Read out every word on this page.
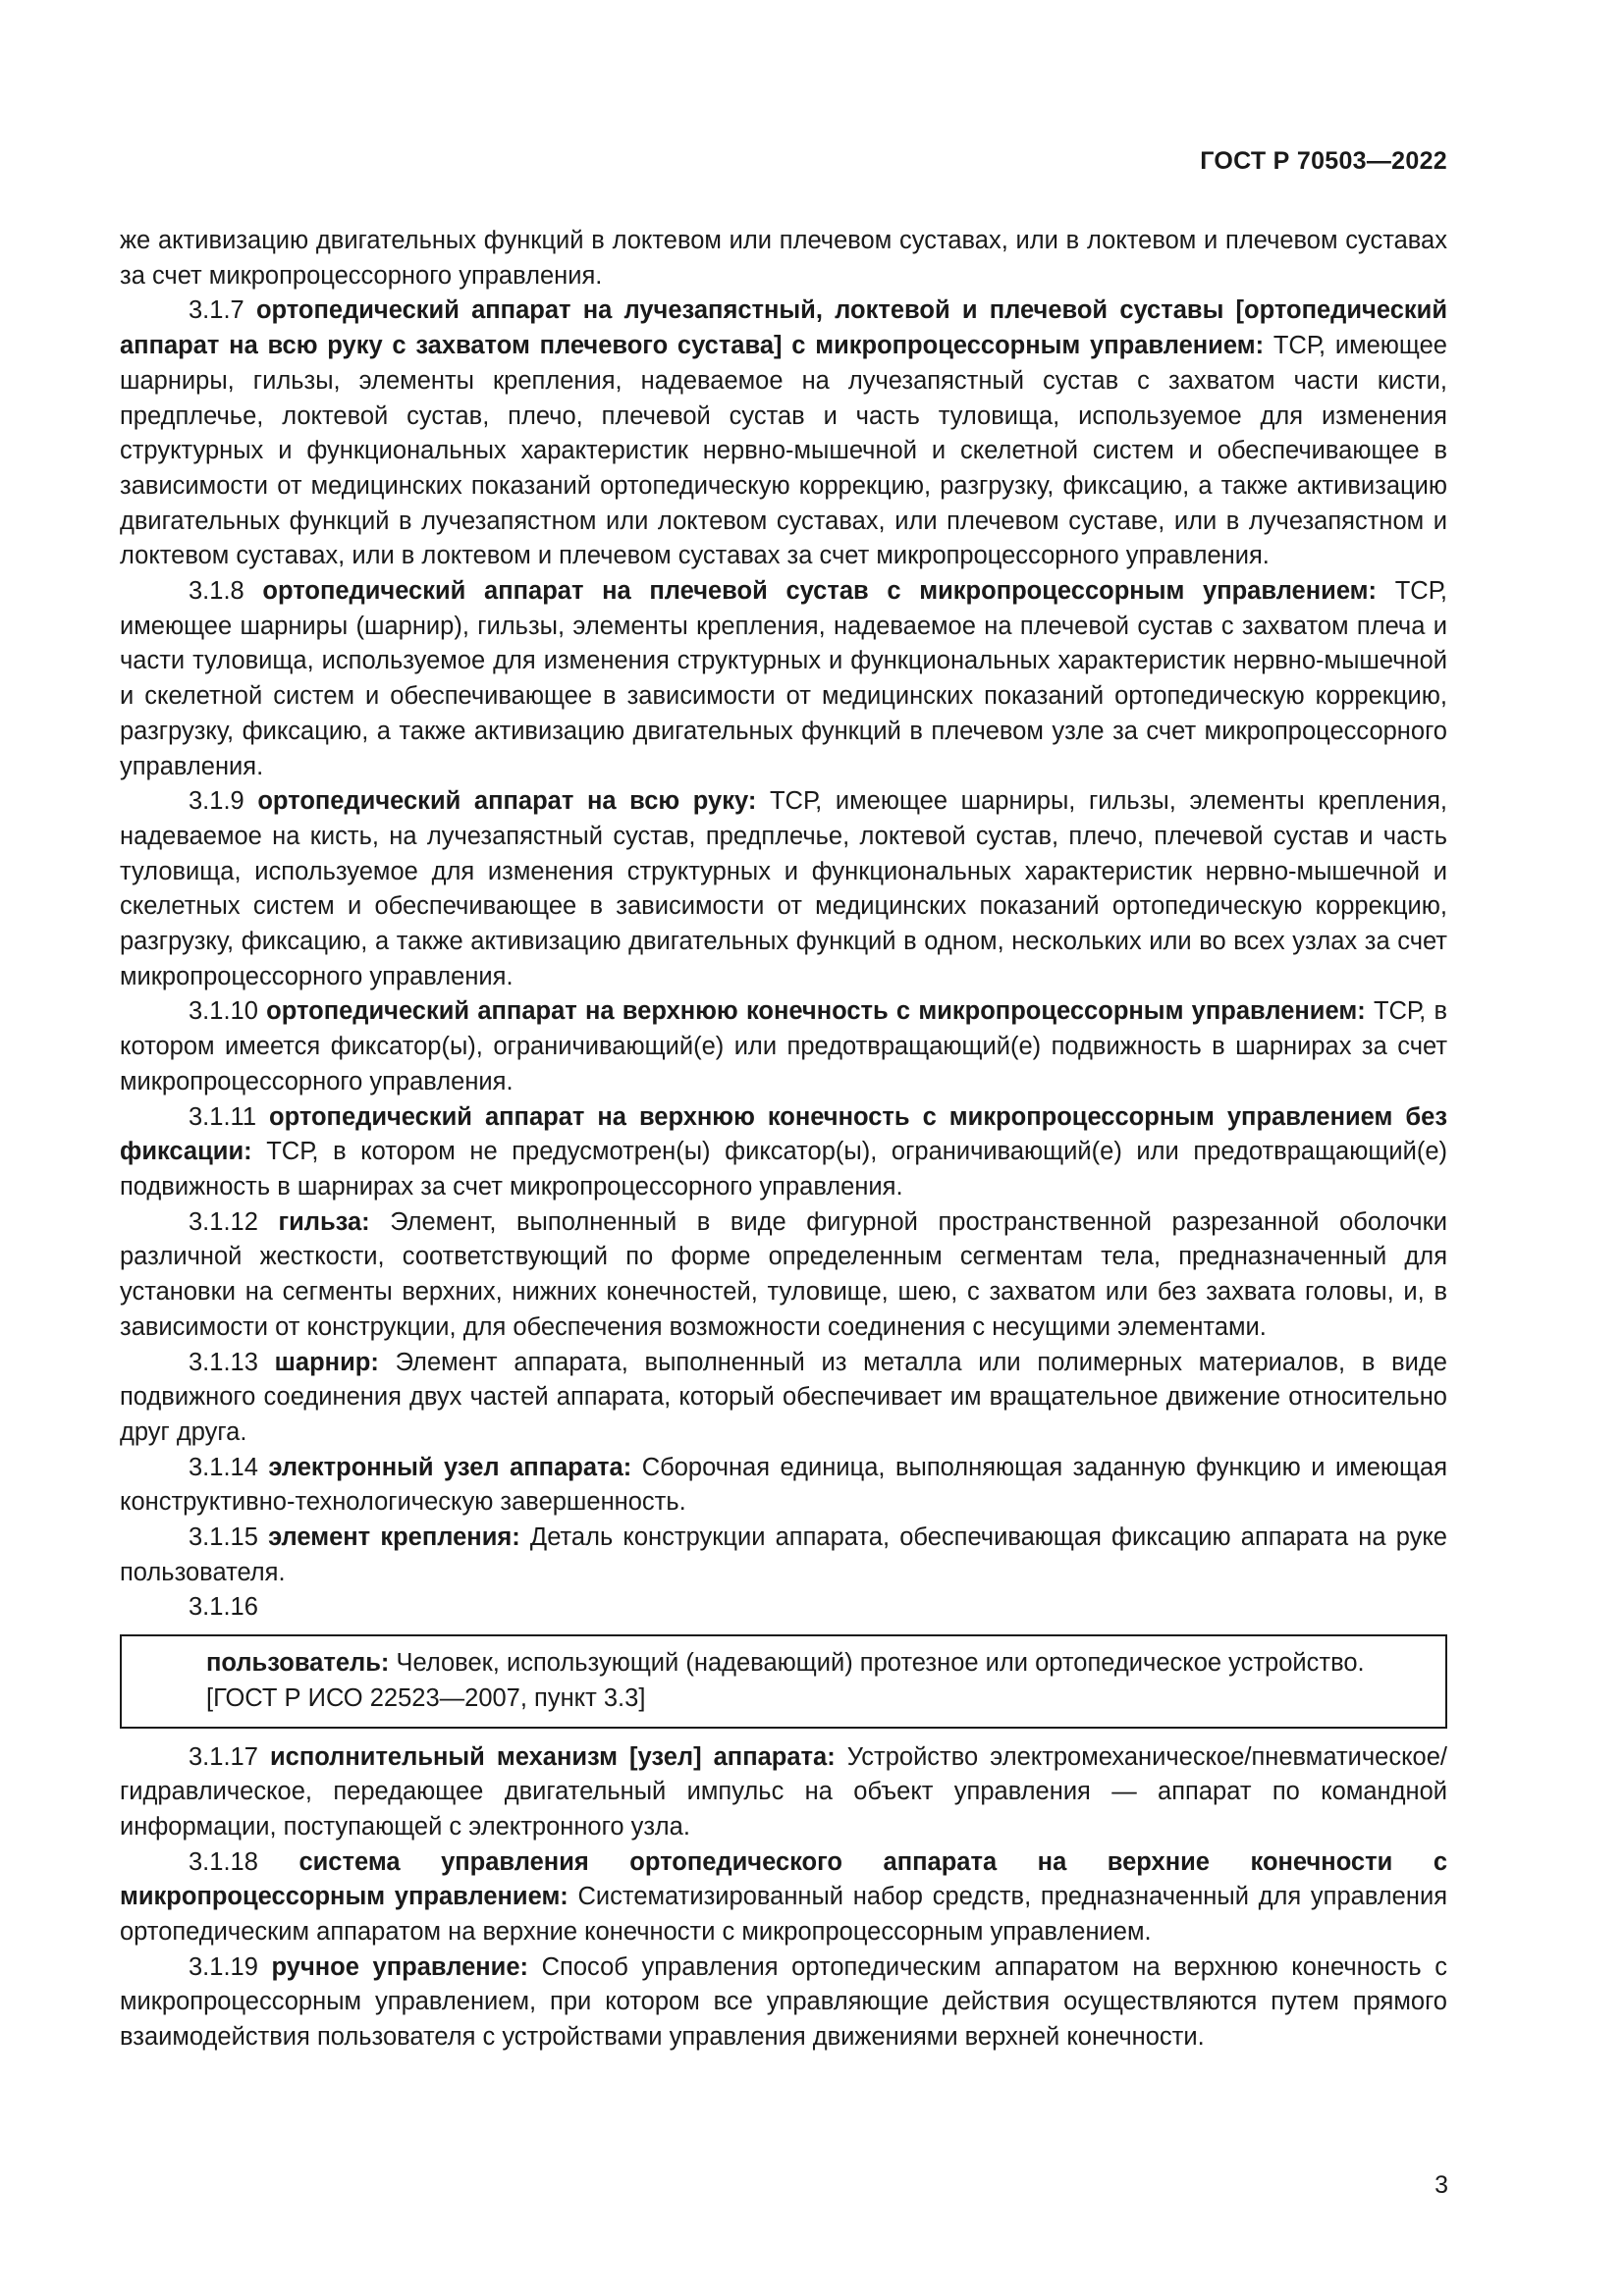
ГОСТ Р 70503—2022

же активизацию двигательных функций в локтевом или плечевом суставах, или в локтевом и плечевом суставах за счет микропроцессорного управления.

3.1.7 ортопедический аппарат на лучезапястный, локтевой и плечевой суставы [ортопедический аппарат на всю руку с захватом плечевого сустава] с микропроцессорным управлением: ТСР, имеющее шарниры, гильзы, элементы крепления, надеваемое на лучезапястный сустав с захватом части кисти, предплечье, локтевой сустав, плечо, плечевой сустав и часть туловища, используемое для изменения структурных и функциональных характеристик нервно-мышечной и скелетной систем и обеспечивающее в зависимости от медицинских показаний ортопедическую коррекцию, разгрузку, фиксацию, а также активизацию двигательных функций в лучезапястном или локтевом суставах, или плечевом суставе, или в лучезапястном и локтевом суставах, или в локтевом и плечевом суставах за счет микропроцессорного управления.

3.1.8 ортопедический аппарат на плечевой сустав с микропроцессорным управлением: ТСР, имеющее шарниры (шарнир), гильзы, элементы крепления, надеваемое на плечевой сустав с захватом плеча и части туловища, используемое для изменения структурных и функциональных характеристик нервно-мышечной и скелетной систем и обеспечивающее в зависимости от медицинских показаний ортопедическую коррекцию, разгрузку, фиксацию, а также активизацию двигательных функций в плечевом узле за счет микропроцессорного управления.

3.1.9 ортопедический аппарат на всю руку: ТСР, имеющее шарниры, гильзы, элементы крепления, надеваемое на кисть, на лучезапястный сустав, предплечье, локтевой сустав, плечо, плечевой сустав и часть туловища, используемое для изменения структурных и функциональных характеристик нервно-мышечной и скелетных систем и обеспечивающее в зависимости от медицинских показаний ортопедическую коррекцию, разгрузку, фиксацию, а также активизацию двигательных функций в одном, нескольких или во всех узлах за счет микропроцессорного управления.

3.1.10 ортопедический аппарат на верхнюю конечность с микропроцессорным управлением: ТСР, в котором имеется фиксатор(ы), ограничивающий(е) или предотвращающий(е) подвижность в шарнирах за счет микропроцессорного управления.

3.1.11 ортопедический аппарат на верхнюю конечность с микропроцессорным управлением без фиксации: ТСР, в котором не предусмотрен(ы) фиксатор(ы), ограничивающий(е) или предотвращающий(е) подвижность в шарнирах за счет микропроцессорного управления.

3.1.12 гильза: Элемент, выполненный в виде фигурной пространственной разрезанной оболочки различной жесткости, соответствующий по форме определенным сегментам тела, предназначенный для установки на сегменты верхних, нижних конечностей, туловище, шею, с захватом или без захвата головы, и, в зависимости от конструкции, для обеспечения возможности соединения с несущими элементами.

3.1.13 шарнир: Элемент аппарата, выполненный из металла или полимерных материалов, в виде подвижного соединения двух частей аппарата, который обеспечивает им вращательное движение относительно друг друга.

3.1.14 электронный узел аппарата: Сборочная единица, выполняющая заданную функцию и имеющая конструктивно-технологическую завершенность.

3.1.15 элемент крепления: Деталь конструкции аппарата, обеспечивающая фиксацию аппарата на руке пользователя.

3.1.16

пользователь: Человек, использующий (надевающий) протезное или ортопедическое устройство.

[ГОСТ Р ИСО 22523—2007, пункт 3.3]

3.1.17 исполнительный механизм [узел] аппарата: Устройство электромеханическое/пневматическое/гидравлическое, передающее двигательный импульс на объект управления — аппарат по командной информации, поступающей с электронного узла.

3.1.18 система управления ортопедического аппарата на верхние конечности с микропроцессорным управлением: Систематизированный набор средств, предназначенный для управления ортопедическим аппаратом на верхние конечности с микропроцессорным управлением.

3.1.19 ручное управление: Способ управления ортопедическим аппаратом на верхнюю конечность с микропроцессорным управлением, при котором все управляющие действия осуществляются путем прямого взаимодействия пользователя с устройствами управления движениями верхней конечности.

3
